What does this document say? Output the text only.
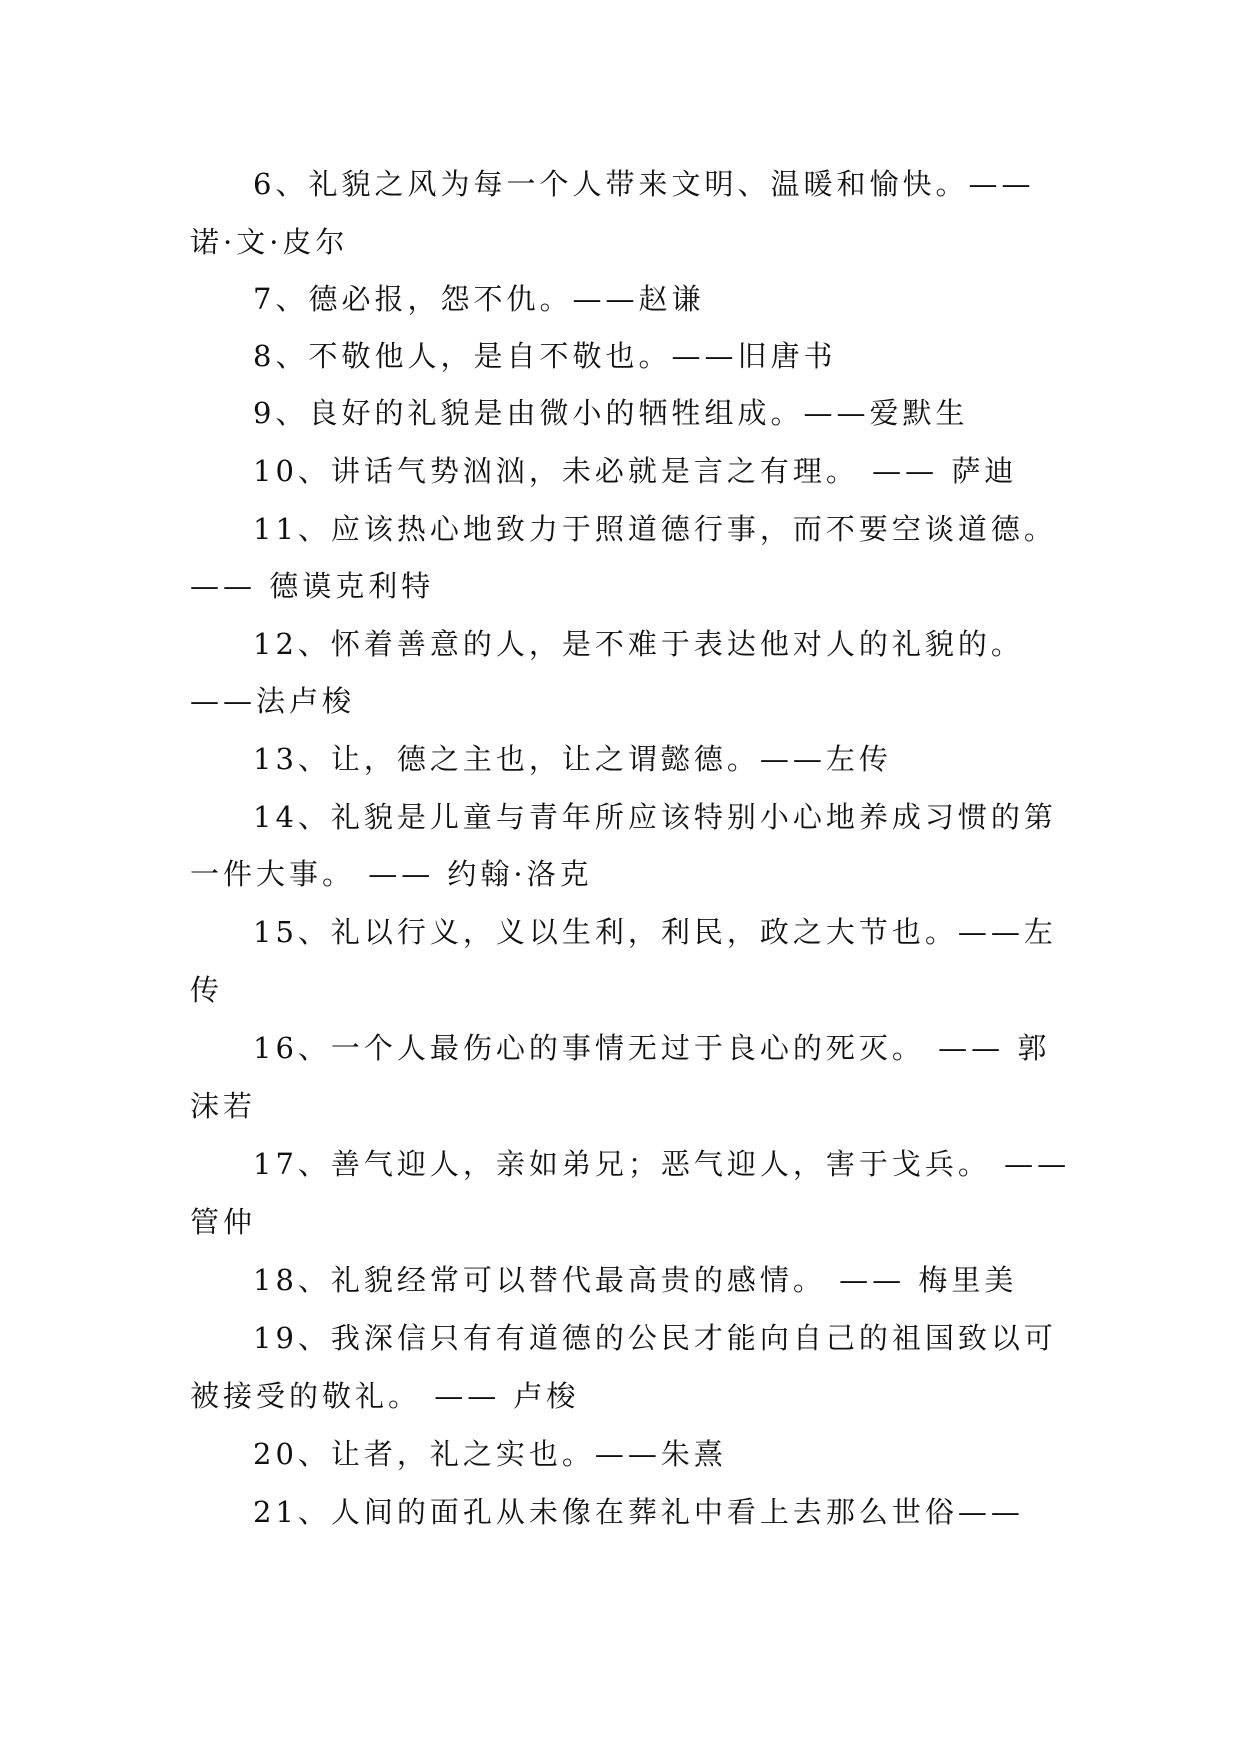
6、礼貌之风为每一个人带来文明、温暖和愉快。——

诺·文·皮尔

7、德必报，怨不仇。——赵谦

8、不敬他人，是自不敬也。——旧唐书

9、良好的礼貌是由微小的牺牲组成。——爱默生

10、讲话气势汹汹，未必就是言之有理。 —— 萨迪

11、应该热心地致力于照道德行事，而不要空谈道德。

—— 德谟克利特

12、怀着善意的人，是不难于表达他对人的礼貌的。

——法卢梭

13、让，德之主也，让之谓懿德。——左传

14、礼貌是儿童与青年所应该特别小心地养成习惯的第

一件大事。 —— 约翰·洛克

15、礼以行义，义以生利，利民，政之大节也。——左

传

16、一个人最伤心的事情无过于良心的死灭。 —— 郭

沫若

17、善气迎人，亲如弟兄；恶气迎人，害于戈兵。 ——

管仲

18、礼貌经常可以替代最高贵的感情。 —— 梅里美

19、我深信只有有道德的公民才能向自己的祖国致以可

被接受的敬礼。 —— 卢梭

20、让者，礼之实也。——朱熹

21、人间的面孔从未像在葬礼中看上去那么世俗——
